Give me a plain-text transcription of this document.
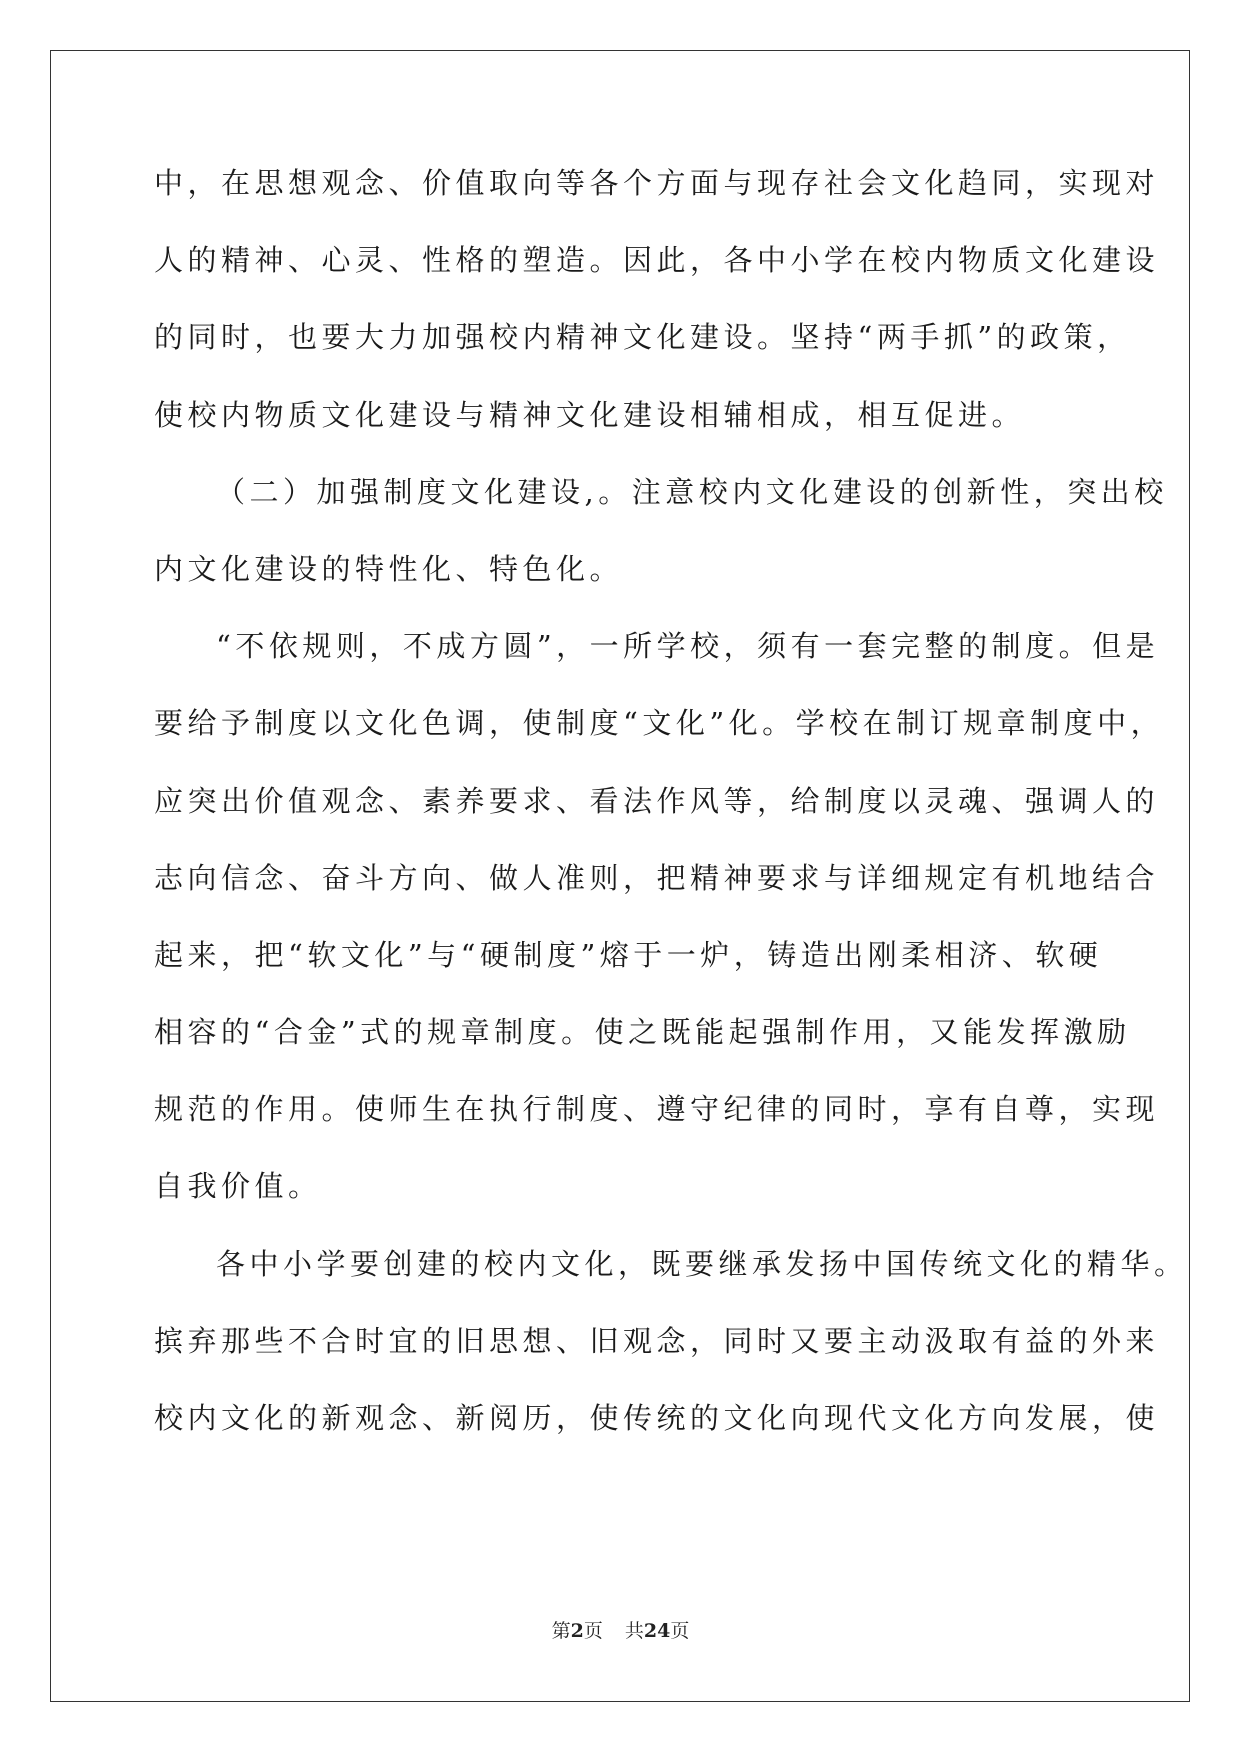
中，在思想观念、价值取向等各个方面与现存社会文化趋同，实现对
人的精神、心灵、性格的塑造。因此，各中小学在校内物质文化建设
的同时，也要大力加强校内精神文化建设。坚持“两手抓”的政策，
使校内物质文化建设与精神文化建设相辅相成，相互促进。
（二）加强制度文化建设,。注意校内文化建设的创新性，突出校
内文化建设的特性化、特色化。
“不依规则，不成方圆”，一所学校，须有一套完整的制度。但是
要给予制度以文化色调，使制度“文化”化。学校在制订规章制度中，
应突出价值观念、素养要求、看法作风等，给制度以灵魂、强调人的
志向信念、奋斗方向、做人准则，把精神要求与详细规定有机地结合
起来，把“软文化”与“硬制度”熔于一炉，铸造出刚柔相济、软硬
相容的“合金”式的规章制度。使之既能起强制作用，又能发挥激励
规范的作用。使师生在执行制度、遵守纪律的同时，享有自尊，实现
自我价值。
各中小学要创建的校内文化，既要继承发扬中国传统文化的精华。
摈弃那些不合时宜的旧思想、旧观念，同时又要主动汲取有益的外来
校内文化的新观念、新阅历，使传统的文化向现代文化方向发展，使
第2页 共24页
